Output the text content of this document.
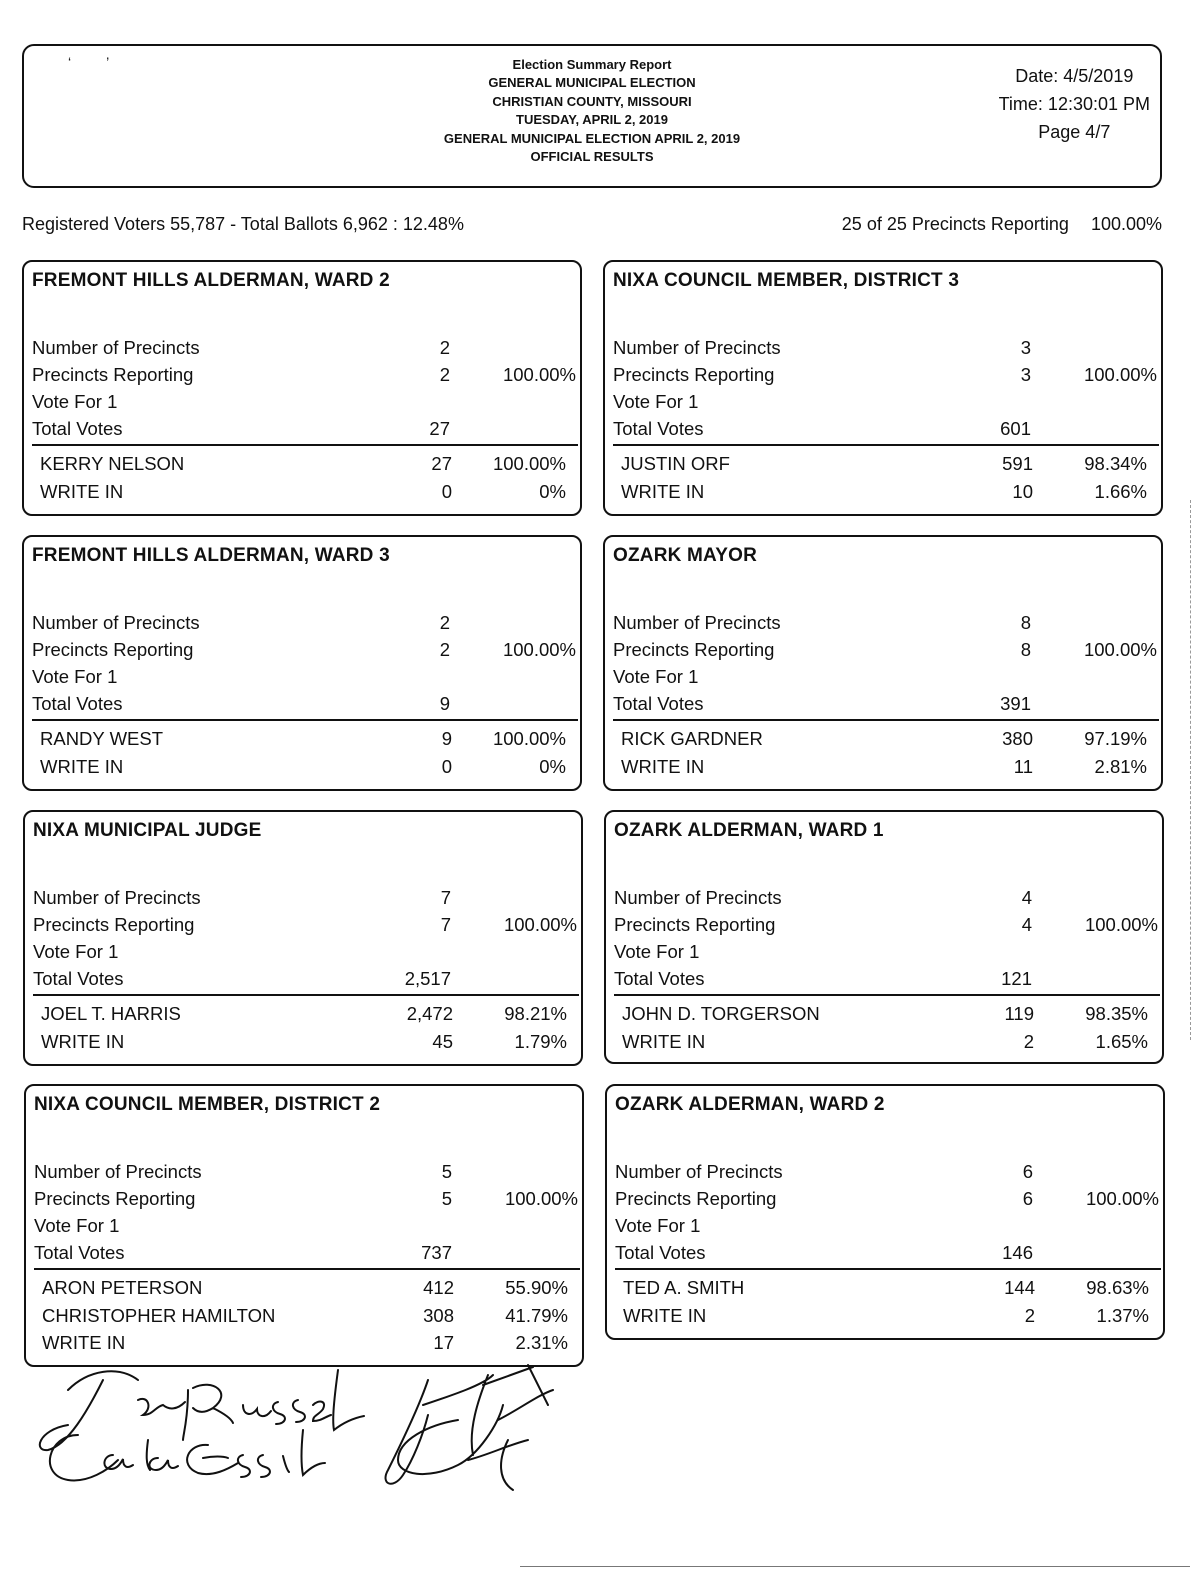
‘         ’	Election Summary Report
GENERAL MUNICIPAL ELECTION
CHRISTIAN COUNTY, MISSOURI
TUESDAY, APRIL 2, 2019
GENERAL MUNICIPAL ELECTION APRIL 2, 2019
OFFICIAL RESULTS
Date: 4/5/2019
Time: 12:30:01 PM
Page 4/7
Registered Voters 55,787 - Total Ballots 6,962 : 12.48%	25 of 25 Precincts Reporting 100.00%
FREMONT HILLS ALDERMAN, WARD 2
Number of Precincts	2
Precincts Reporting	2	100.00%
Vote For 1
Total Votes	27
KERRY NELSON	27 100.00%
WRITE IN	0	0%
NIXA COUNCIL MEMBER, DISTRICT 3
Number of Precincts	3
Precincts Reporting	3	100.00%
Vote For 1
Total Votes	601
JUSTIN ORF	591	98.34%
WRITE IN	10	1.66%
FREMONT HILLS ALDERMAN, WARD 3
Number of Precincts	2
Precincts Reporting	2	100.00%
Vote For 1
Total Votes	9
RANDY WEST	9 100.00%
WRITE IN	0	0%
OZARK MAYOR
Number of Precincts	8
Precincts Reporting	8	100.00%
Vote For 1
Total Votes	391
RICK GARDNER	380	97.19%
WRITE IN	11	2.81%
NIXA MUNICIPAL JUDGE
Number of Precincts	7
Precincts Reporting	7	100.00%
Vote For 1
Total Votes	2,517
JOEL T. HARRIS	2,472	98.21%
WRITE IN	45	1.79%
OZARK ALDERMAN, WARD 1
Number of Precincts	4
Precincts Reporting	4	100.00%
Vote For 1
Total Votes	121
JOHN D. TORGERSON	119	98.35%
WRITE IN	2	1.65%
NIXA COUNCIL MEMBER, DISTRICT 2
Number of Precincts	5
Precincts Reporting	5	100.00%
Vote For 1
Total Votes	737
ARON PETERSON	412	55.90%
CHRISTOPHER HAMILTON	308	41.79%
WRITE IN	17	2.31%
OZARK ALDERMAN, WARD 2
Number of Precincts	6
Precincts Reporting	6	100.00%
Vote For 1
Total Votes	146
TED A. SMITH	144	98.63%
WRITE IN	2	1.37%
